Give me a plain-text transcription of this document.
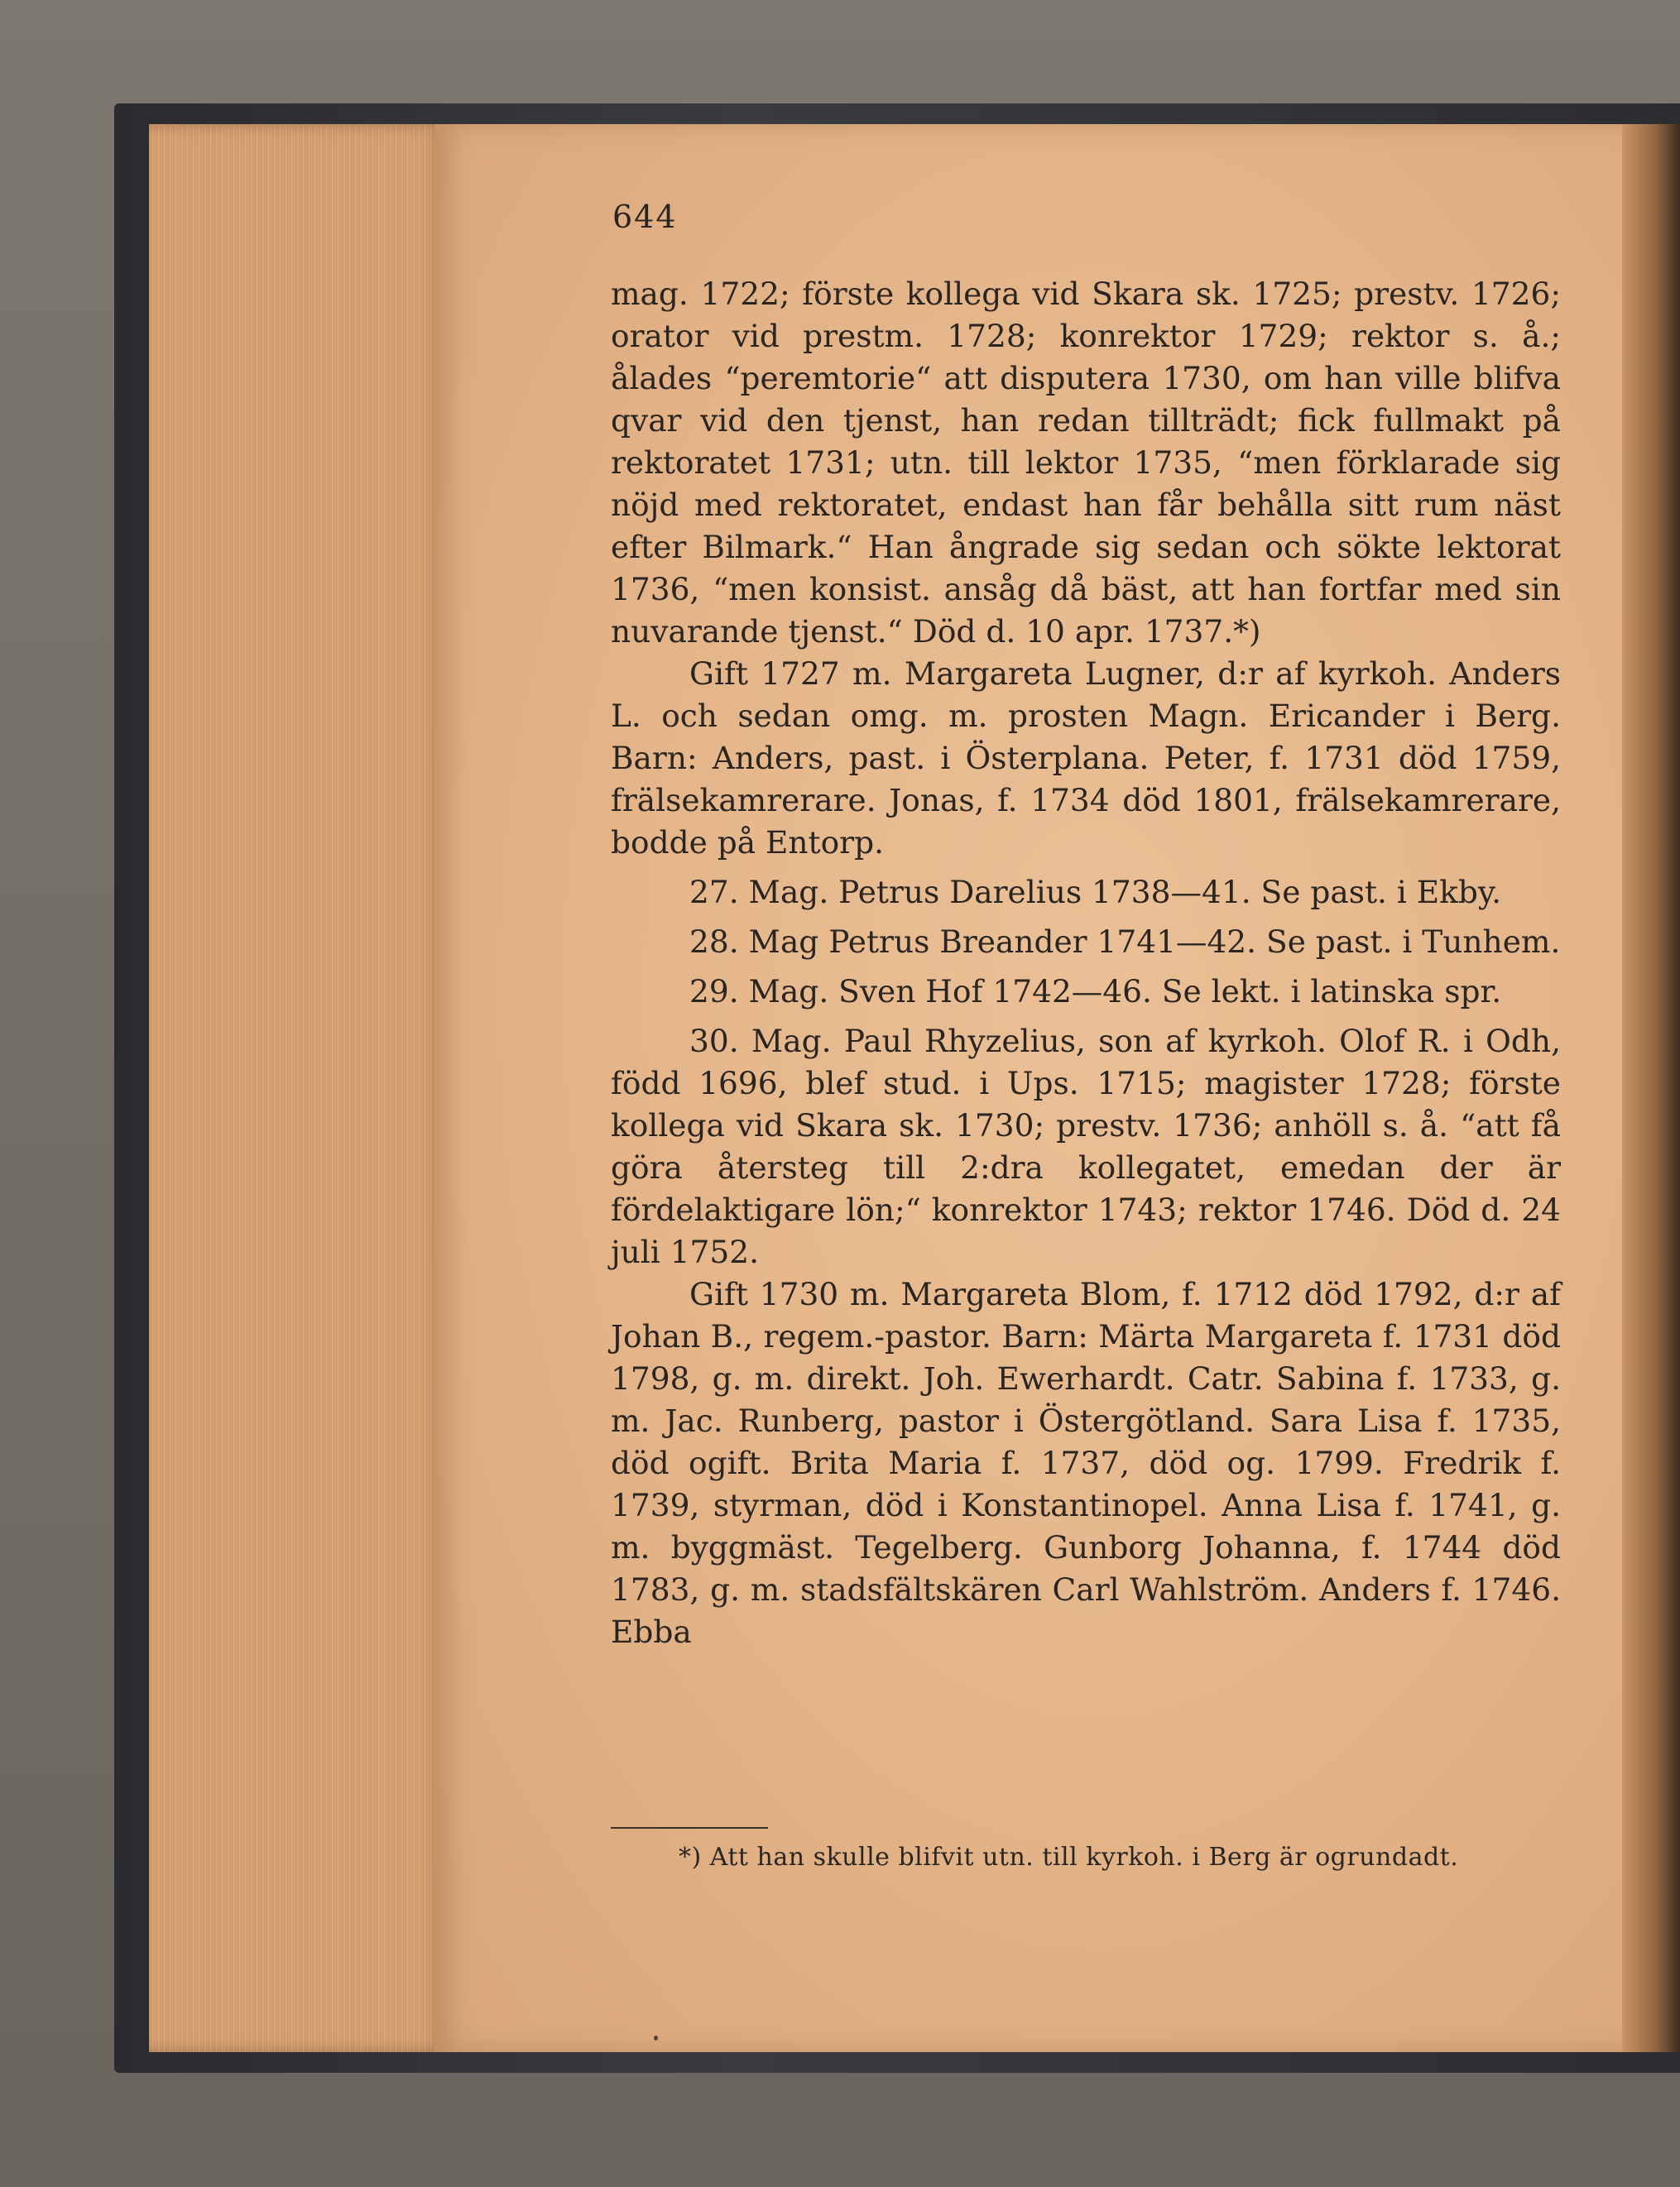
644

mag. 1722; förste kollega vid Skara sk. 1725; prestv. 1726; orator vid prestm. 1728; konrektor 1729; rektor s. å.; ålades “peremtorie“ att disputera 1730, om han ville blifva qvar vid den tjenst, han redan tillträdt; fick fullmakt på rektoratet 1731; utn. till lektor 1735, “men förklarade sig nöjd med rektoratet, endast han får behålla sitt rum näst efter Bilmark.“ Han ångrade sig sedan och sökte lektorat 1736, “men konsist. ansåg då bäst, att han fortfar med sin nuvarande tjenst.“ Död d. 10 apr. 1737.*)

Gift 1727 m. Margareta Lugner, d:r af kyrkoh. Anders L. och sedan omg. m. prosten Magn. Ericander i Berg. Barn: Anders, past. i Österplana. Peter, f. 1731 död 1759, frälsekamrerare. Jonas, f. 1734 död 1801, frälsekamrerare, bodde på Entorp.

27. Mag. Petrus Darelius 1738—41. Se past. i Ekby.

28. Mag Petrus Breander 1741—42. Se past. i Tunhem.

29. Mag. Sven Hof 1742—46. Se lekt. i latinska spr.

30. Mag. Paul Rhyzelius, son af kyrkoh. Olof R. i Odh, född 1696, blef stud. i Ups. 1715; magister 1728; förste kollega vid Skara sk. 1730; prestv. 1736; anhöll s. å. “att få göra återsteg till 2:dra kollegatet, emedan der är fördelaktigare lön;“ konrektor 1743; rektor 1746. Död d. 24 juli 1752.

Gift 1730 m. Margareta Blom, f. 1712 död 1792, d:r af Johan B., regem.-pastor. Barn: Märta Margareta f. 1731 död 1798, g. m. direkt. Joh. Ewerhardt. Catr. Sabina f. 1733, g. m. Jac. Runberg, pastor i Östergötland. Sara Lisa f. 1735, död ogift. Brita Maria f. 1737, död og. 1799. Fredrik f. 1739, styrman, död i Konstantinopel. Anna Lisa f. 1741, g. m. byggmäst. Tegelberg. Gunborg Johanna, f. 1744 död 1783, g. m. stadsfältskären Carl Wahlström. Anders f. 1746. Ebba

*) Att han skulle blifvit utn. till kyrkoh. i Berg är ogrundadt.
